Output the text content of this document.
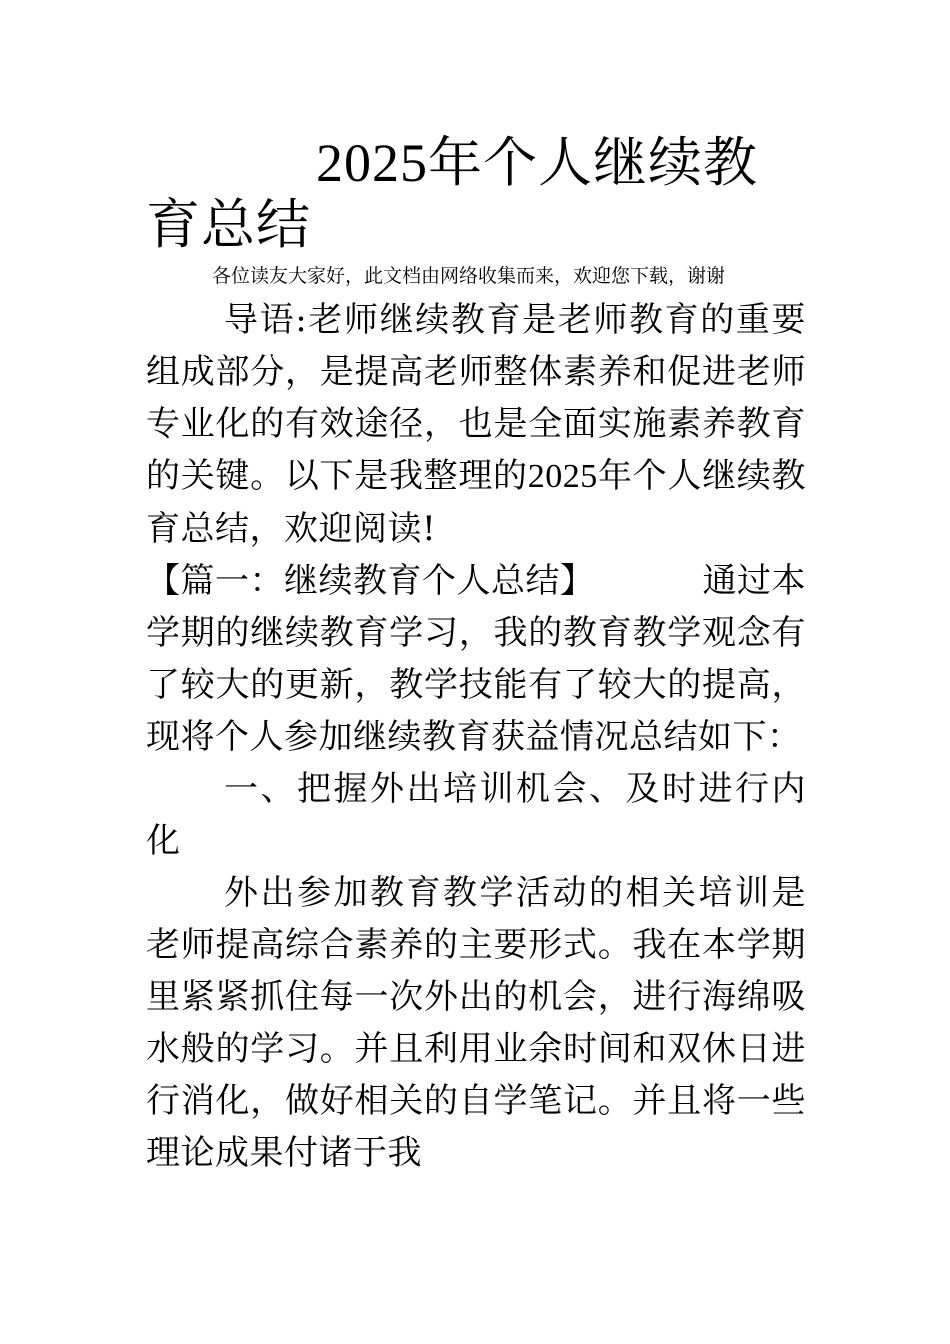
2025年个人继续教育总结

各位读友大家好，此文档由网络收集而来，欢迎您下载，谢谢

导语:老师继续教育是老师教育的重要组成部分，是提高老师整体素养和促进老师专业化的有效途径，也是全面实施素养教育的关键。以下是我整理的2025年个人继续教育总结，欢迎阅读!

【篇一：继续教育个人总结】	通过本学期的继续教育学习，我的教育教学观念有了较大的更新，教学技能有了较大的提高，现将个人参加继续教育获益情况总结如下：

一、把握外出培训机会、及时进行内化

外出参加教育教学活动的相关培训是老师提高综合素养的主要形式。我在本学期里紧紧抓住每一次外出的机会，进行海绵吸水般的学习。并且利用业余时间和双休日进行消化，做好相关的自学笔记。并且将一些理论成果付诸于我
